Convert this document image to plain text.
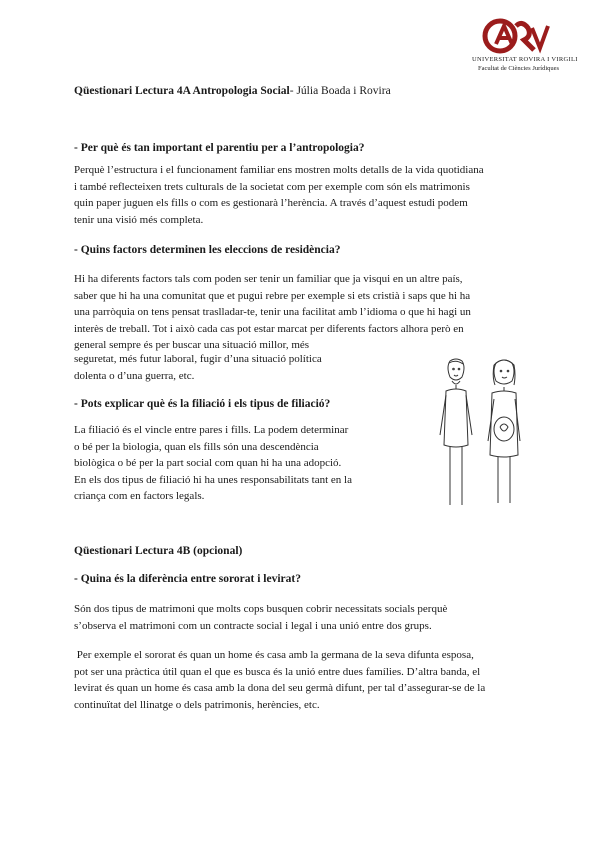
UNIVERSITAT ROVIRA I VIRGILI
Facultat de Ciències Jurídiques
Qüestionari Lectura 4A Antropologia Social- Júlia Boada i Rovira
- Per què és tan important el parentiu per a l’antropologia?
Perquè l’estructura i el funcionament familiar ens mostren molts detalls de la vida quotidiana
i també reflecteixen trets culturals de la societat com per exemple com són els matrimonis
quin paper juguen els fills o com es gestionarà l’herència. A través d’aquest estudi podem
tenir una visió més completa.
- Quins factors determinen les eleccions de residència?
Hi ha diferents factors tals com poden ser tenir un familiar que ja visqui en un altre país,
saber que hi ha una comunitat que et pugui rebre per exemple si ets cristià i saps que hi ha
una parròquia on tens pensat traslladar-te, tenir una facilitat amb l’idioma o que hi hagi un
interès de treball. Tot i això cada cas pot estar marcat per diferents factors alhora però en
general sempre és per buscar una situació millor, més
seguretat, més futur laboral, fugir d’una situació política
dolenta o d’una guerra, etc.
- Pots explicar què és la filiació i els tipus de filiació?
La filiació és el vincle entre pares i fills. La podem determinar
o bé per la biologia, quan els fills són una descendència
biològica o bé per la part social com quan hi ha una adopció.
En els dos tipus de filiació hi ha unes responsabilitats tant en la
criança com en factors legals.
Qüestionari Lectura 4B (opcional)
- Quina és la diferència entre sororat i levirat?
Són dos tipus de matrimoni que molts cops busquen cobrir necessitats socials perquè
s’observa el matrimoni com un contracte social i legal i una unió entre dos grups.
Per exemple el sororat és quan un home és casa amb la germana de la seva difunta esposa,
pot ser una pràctica útil quan el que es busca és la unió entre dues famílies. D’altra banda, el
levirat és quan un home és casa amb la dona del seu germà difunt, per tal d’assegurar-se de la
continuïtat del llinatge o dels patrimonis, herències, etc.
